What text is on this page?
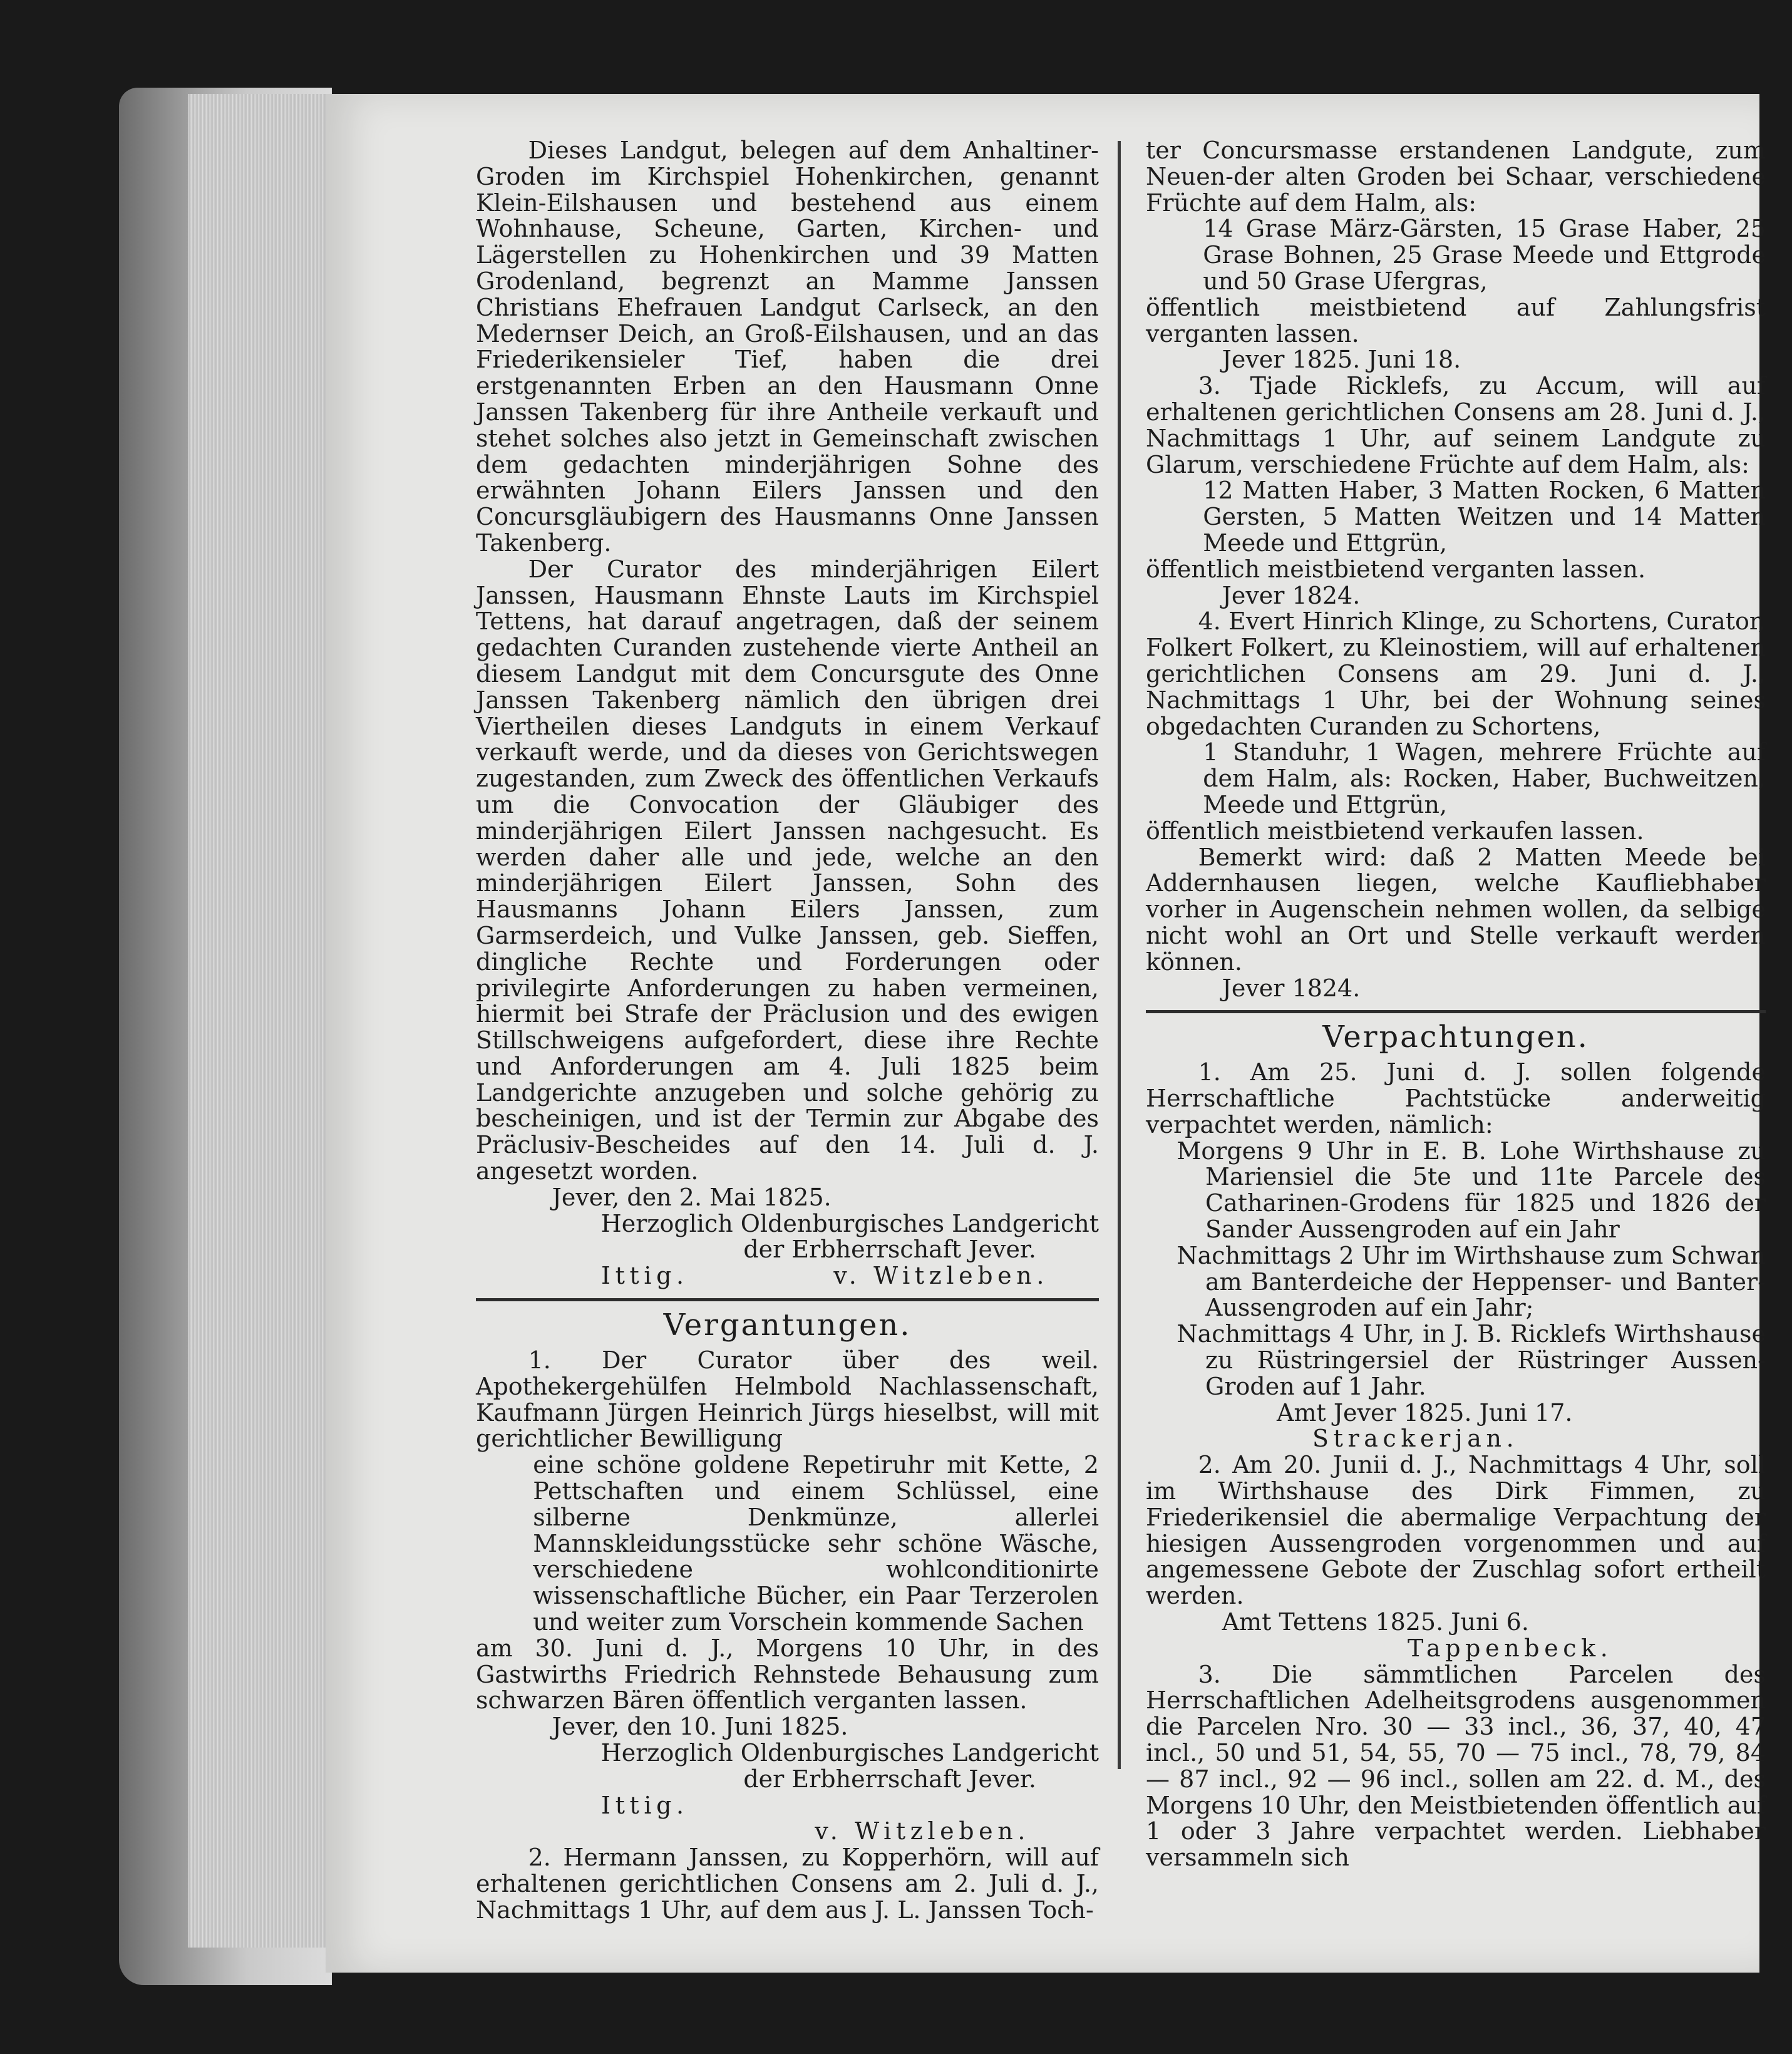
Dieses Landgut, belegen auf dem Anhaltiner-Groden im Kirchspiel Hohenkirchen, genannt Klein-Eilshausen und bestehend aus einem Wohnhause, Scheune, Garten, Kirchen- und Lägerstellen zu Hohenkirchen und 39 Matten Grodenland, begrenzt an Mamme Janssen Christians Ehefrauen Landgut Carlseck, an den Medernser Deich, an Groß-Eilshausen, und an das Friederikensieler Tief, haben die drei erstgenannten Erben an den Hausmann Onne Janssen Takenberg für ihre Antheile verkauft und stehet solches also jetzt in Gemeinschaft zwischen dem gedachten minderjährigen Sohne des erwähnten Johann Eilers Janssen und den Concursgläubigern des Hausmanns Onne Janssen Takenberg.

Der Curator des minderjährigen Eilert Janssen, Hausmann Ehnste Lauts im Kirchspiel Tettens, hat darauf angetragen, daß der seinem gedachten Curanden zustehende vierte Antheil an diesem Landgut mit dem Concursgute des Onne Janssen Takenberg nämlich den übrigen drei Viertheilen dieses Landguts in einem Verkauf verkauft werde, und da dieses von Gerichtswegen zugestanden, zum Zweck des öffentlichen Verkaufs um die Convocation der Gläubiger des minderjährigen Eilert Janssen nachgesucht. Es werden daher alle und jede, welche an den minderjährigen Eilert Janssen, Sohn des Hausmanns Johann Eilers Janssen, zum Garmserdeich, und Vulke Janssen, geb. Sieffen, dingliche Rechte und Forderungen oder privilegirte Anforderungen zu haben vermeinen, hiermit bei Strafe der Präclusion und des ewigen Stillschweigens aufgefordert, diese ihre Rechte und Anforderungen am 4. Juli 1825 beim Landgerichte anzugeben und solche gehörig zu bescheinigen, und ist der Termin zur Abgabe des Präclusiv-Bescheides auf den 14. Juli d. J. angesetzt worden.

Jever, den 2. Mai 1825.

Herzoglich Oldenburgisches Landgericht

der Erbherrschaft Jever.

Ittig.	v. Witzleben.

Vergantungen.

1. Der Curator über des weil. Apothekergehülfen Helmbold Nachlassenschaft, Kaufmann Jürgen Heinrich Jürgs hieselbst, will mit gerichtlicher Bewilligung

eine schöne goldene Repetiruhr mit Kette, 2 Pettschaften und einem Schlüssel, eine silberne Denkmünze, allerlei Mannskleidungsstücke sehr schöne Wäsche, verschiedene wohlconditionirte wissenschaftliche Bücher, ein Paar Terzerolen und weiter zum Vorschein kommende Sachen

am 30. Juni d. J., Morgens 10 Uhr, in des Gastwirths Friedrich Rehnstede Behausung zum schwarzen Bären öffentlich verganten lassen.

Jever, den 10. Juni 1825.

Herzoglich Oldenburgisches Landgericht

der Erbherrschaft Jever.

Ittig.

v. Witzleben.

2. Hermann Janssen, zu Kopperhörn, will auf erhaltenen gerichtlichen Consens am 2. Juli d. J., Nachmittags 1 Uhr, auf dem aus J. L. Janssen Toch-

ter Concursmasse erstandenen Landgute, zum Neuen-der alten Groden bei Schaar, verschiedene Früchte auf dem Halm, als:

14 Grase März-Gärsten, 15 Grase Haber, 25 Grase Bohnen, 25 Grase Meede und Ettgrode und 50 Grase Ufergras,

öffentlich meistbietend auf Zahlungsfrist verganten lassen.

Jever 1825. Juni 18.

3. Tjade Ricklefs, zu Accum, will auf erhaltenen gerichtlichen Consens am 28. Juni d. J., Nachmittags 1 Uhr, auf seinem Landgute zu Glarum, verschiedene Früchte auf dem Halm, als:

12 Matten Haber, 3 Matten Rocken, 6 Matten Gersten, 5 Matten Weitzen und 14 Matten Meede und Ettgrün,

öffentlich meistbietend verganten lassen.

Jever 1824.

4. Evert Hinrich Klinge, zu Schortens, Curator, Folkert Folkert, zu Kleinostiem, will auf erhaltenen gerichtlichen Consens am 29. Juni d. J., Nachmittags 1 Uhr, bei der Wohnung seines obgedachten Curanden zu Schortens,

1 Standuhr, 1 Wagen, mehrere Früchte auf dem Halm, als: Rocken, Haber, Buchweitzen, Meede und Ettgrün,

öffentlich meistbietend verkaufen lassen.

Bemerkt wird: daß 2 Matten Meede bei Addernhausen liegen, welche Kaufliebhaber vorher in Augenschein nehmen wollen, da selbige nicht wohl an Ort und Stelle verkauft werden können.

Jever 1824.

Verpachtungen.

1. Am 25. Juni d. J. sollen folgende Herrschaftliche Pachtstücke anderweitig verpachtet werden, nämlich:

Morgens 9 Uhr in E. B. Lohe Wirthshause zu Mariensiel die 5te und 11te Parcele des Catharinen-Grodens für 1825 und 1826 der Sander Aussengroden auf ein Jahr

Nachmittags 2 Uhr im Wirthshause zum Schwan am Banterdeiche der Heppenser- und Banter-Aussengroden auf ein Jahr;

Nachmittags 4 Uhr, in J. B. Ricklefs Wirthshause zu Rüstringersiel der Rüstringer Aussen-Groden auf 1 Jahr.

Amt Jever 1825. Juni 17.

Strackerjan.

2. Am 20. Junii d. J., Nachmittags 4 Uhr, soll im Wirthshause des Dirk Fimmen, zu Friederikensiel die abermalige Verpachtung der hiesigen Aussengroden vorgenommen und auf angemessene Gebote der Zuschlag sofort ertheilt werden.

Amt Tettens 1825. Juni 6.

Tappenbeck.

3. Die sämmtlichen Parcelen des Herrschaftlichen Adelheitsgrodens ausgenommen die Parcelen Nro. 30 — 33 incl., 36, 37, 40, 47 incl., 50 und 51, 54, 55, 70 — 75 incl., 78, 79, 84 — 87 incl., 92 — 96 incl., sollen am 22. d. M., des Morgens 10 Uhr, den Meistbietenden öffentlich auf 1 oder 3 Jahre verpachtet werden. Liebhaber versammeln sich
